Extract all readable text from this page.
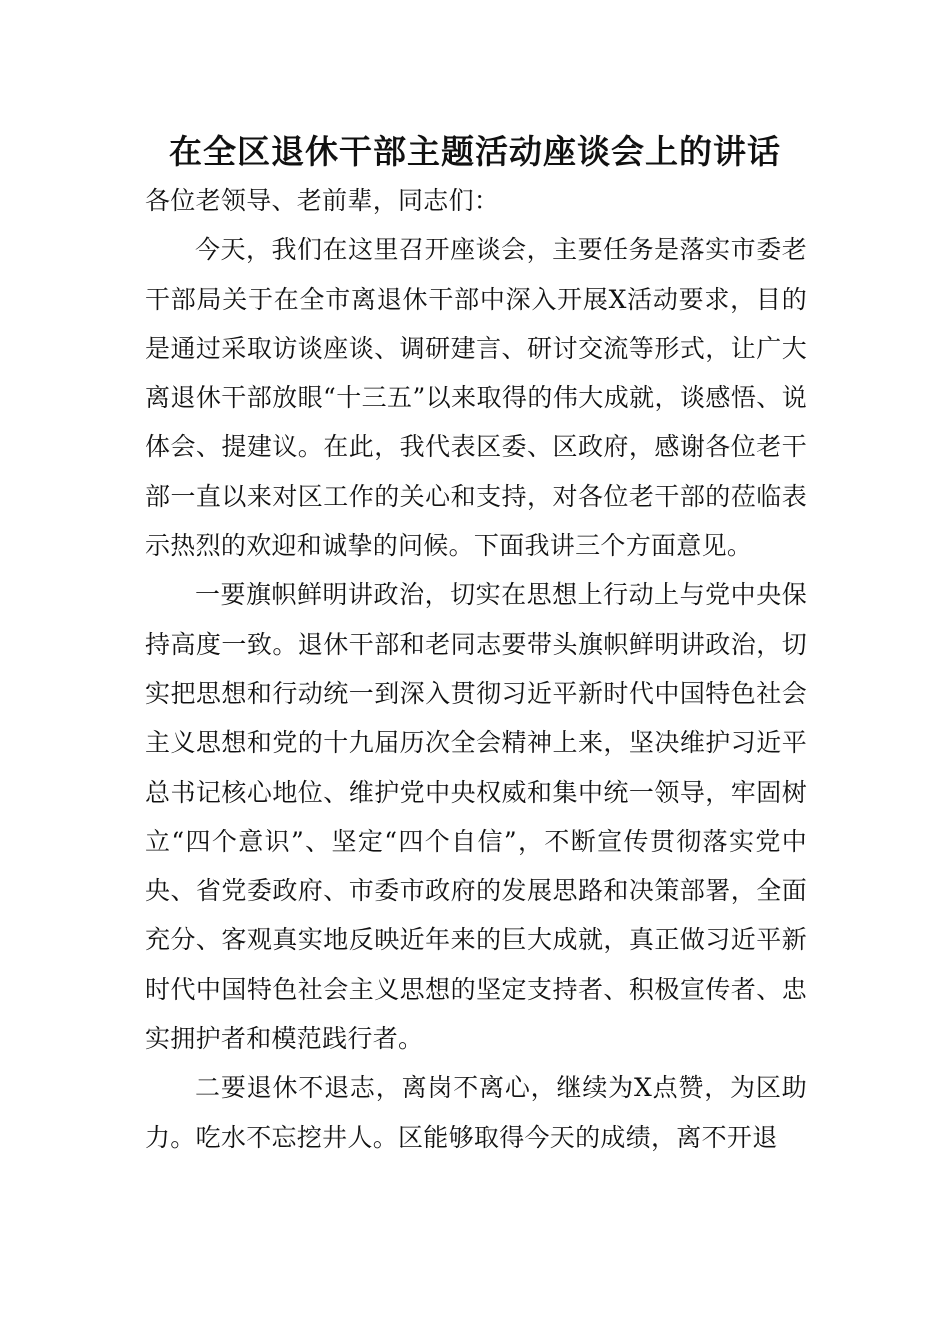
在全区退休干部主题活动座谈会上的讲话

各位老领导、老前辈，同志们：

今天，我们在这里召开座谈会，主要任务是落实市委老干部局关于在全市离退休干部中深入开展X活动要求，目的是通过采取访谈座谈、调研建言、研讨交流等形式，让广大离退休干部放眼“十三五”以来取得的伟大成就，谈感悟、说体会、提建议。在此，我代表区委、区政府，感谢各位老干部一直以来对区工作的关心和支持，对各位老干部的莅临表示热烈的欢迎和诚挚的问候。下面我讲三个方面意见。

一要旗帜鲜明讲政治，切实在思想上行动上与党中央保持高度一致。退休干部和老同志要带头旗帜鲜明讲政治，切实把思想和行动统一到深入贯彻习近平新时代中国特色社会主义思想和党的十九届历次全会精神上来，坚决维护习近平总书记核心地位、维护党中央权威和集中统一领导，牢固树立“四个意识”、坚定“四个自信”，不断宣传贯彻落实党中央、省党委政府、市委市政府的发展思路和决策部署，全面充分、客观真实地反映近年来的巨大成就，真正做习近平新时代中国特色社会主义思想的坚定支持者、积极宣传者、忠实拥护者和模范践行者。

二要退休不退志，离岗不离心，继续为X点赞，为区助力。吃水不忘挖井人。区能够取得今天的成绩，离不开退
